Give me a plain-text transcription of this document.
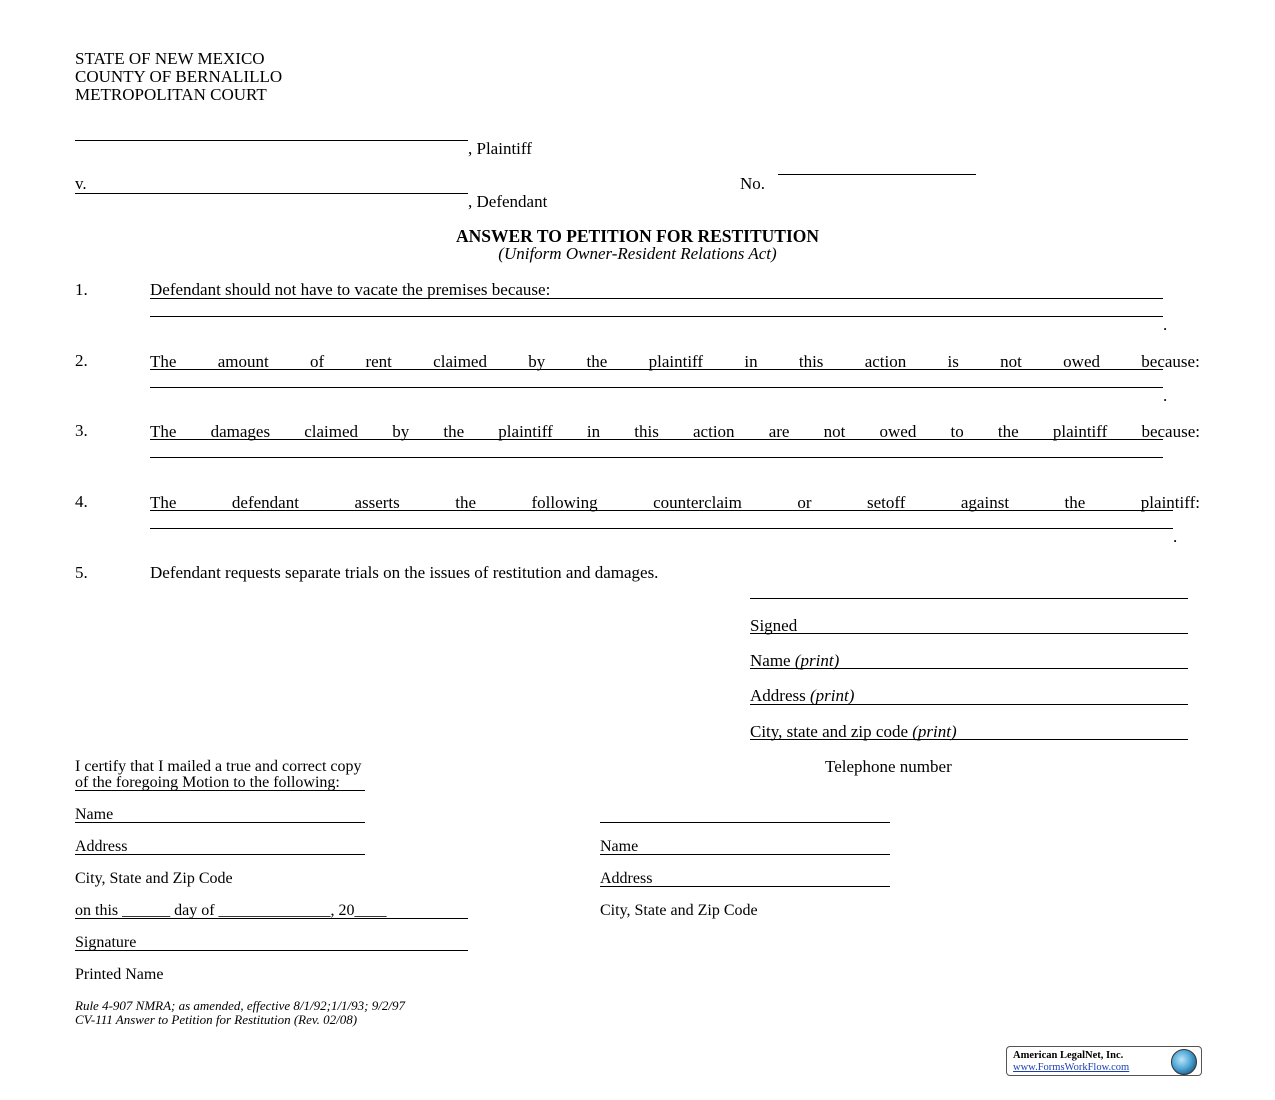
STATE OF NEW MEXICO
COUNTY OF BERNALILLO
METROPOLITAN COURT
, Plaintiff
v.	No.
, Defendant
ANSWER TO PETITION FOR RESTITUTION
(Uniform Owner-Resident Relations Act)
1.	Defendant should not have to vacate the premises because:
.
2.	The amount of rent claimed by the plaintiff in this action is not owed because:
.
3.	The damages claimed by the plaintiff in this action are not owed to the plaintiff because:
4.	The	defendant	asserts	the	following	counterclaim	or	setoff	against	the	plaintiff:
.
5.	Defendant requests separate trials on the issues of restitution and damages.
Signed
Name (print)
Address (print)
City, state and zip code (print)
Telephone number
I certify that I mailed a true and correct copy
of the foregoing Motion to the following:
Name
Address
City, State and Zip Code
on this ______ day of ______________, 20____
Signature
Printed Name
Name
Address
City, State and Zip Code
Rule 4-907 NMRA; as amended, effective 8/1/92;1/1/93; 9/2/97
CV-111 Answer to Petition for Restitution (Rev. 02/08)
American LegalNet, Inc.
www.FormsWorkFlow.com
